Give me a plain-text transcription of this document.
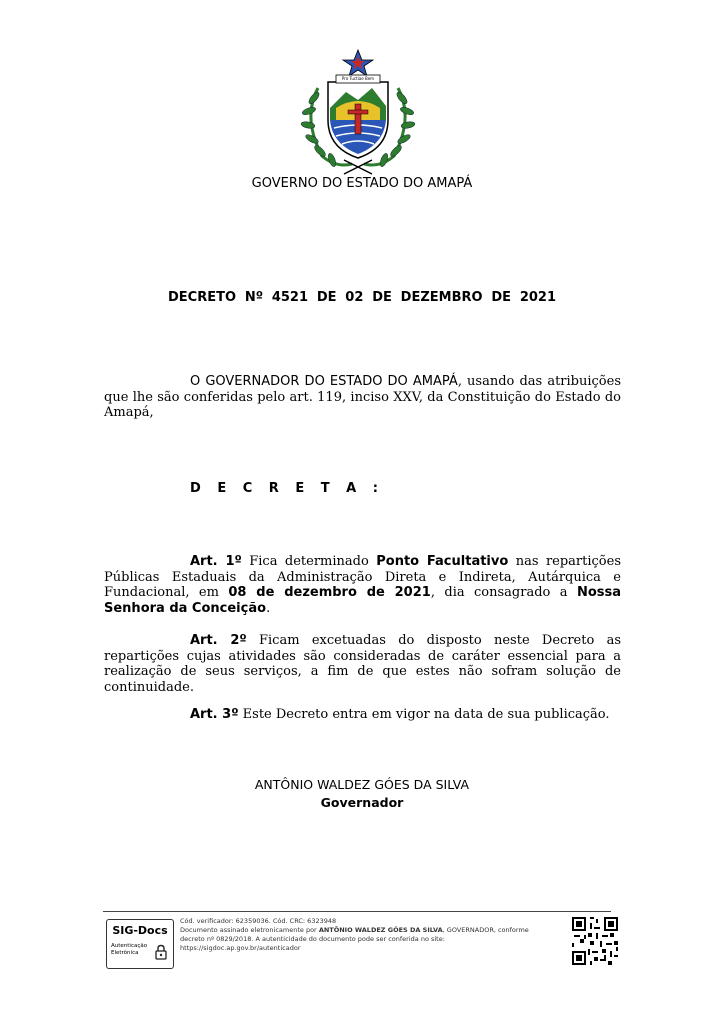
Pro Tuctiae Bem
GOVERNO DO ESTADO DO AMAPÁ
DECRETO Nº 4521 DE 02 DE DEZEMBRO DE 2021
O GOVERNADOR DO ESTADO DO AMAPÁ, usando das atribuições que lhe são conferidas pelo art. 119, inciso XXV, da Constituição do Estado do Amapá,
D E C R E T A :
Art. 1º Fica determinado Ponto Facultativo nas repartições Públicas Estaduais da Administração Direta e Indireta, Autárquica e Fundacional, em 08 de dezembro de 2021, dia consagrado a Nossa Senhora da Conceição.
Art. 2º Ficam excetuadas do disposto neste Decreto as repartições cujas atividades são consideradas de caráter essencial para a realização de seus serviços, a fim de que estes não sofram solução de continuidade.
Art. 3º Este Decreto entra em vigor na data de sua publicação.
ANTÔNIO WALDEZ GÓES DA SILVA
Governador
SIG-Docs
Autenticação Eletrônica
Cód. verificador: 62359036. Cód. CRC: 6323948
Documento assinado eletronicamente por ANTÔNIO WALDEZ GÓES DA SILVA, GOVERNADOR, conforme
decreto nº 0829/2018. A autenticidade do documento pode ser conferida no site:
https://sigdoc.ap.gov.br/autenticador
